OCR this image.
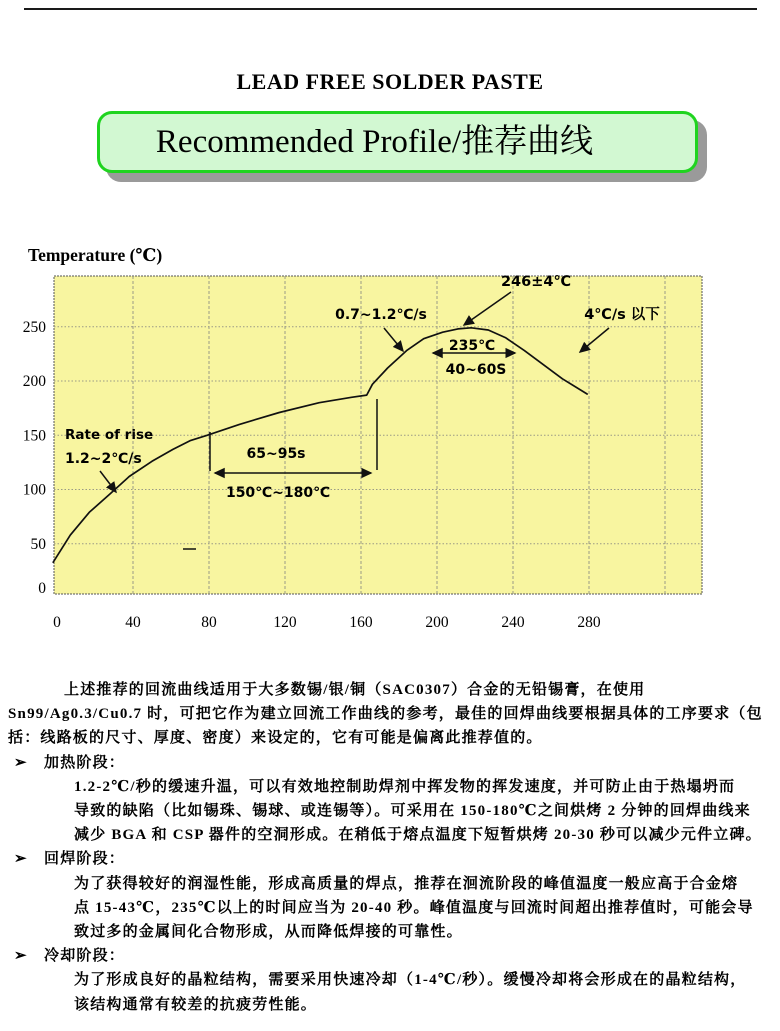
LEAD FREE SOLDER PASTE
Recommended Profile/推荐曲线
Temperature (℃)
0
50
100
150
200
250
0	40	80	120	160	200	240	280
Rate of rise
1.2~2℃/s	65~95s
150℃~180℃
0.7~1.2℃/s
246±4℃
4℃/s 以下
235℃
40~60S
上述推荐的回流曲线适用于大多数锡/银/铜（SAC0307）合金的无铅锡膏，在使用
Sn99/Ag0.3/Cu0.7 时，可把它作为建立回流工作曲线的参考，最佳的回焊曲线要根据具体的工序要求（包
括：线路板的尺寸、厚度、密度）来设定的，它有可能是偏离此推荐值的。
➢ 加热阶段：
1.2-2℃/秒的缓速升温，可以有效地控制助焊剂中挥发物的挥发速度，并可防止由于热塌坍而
导致的缺陷（比如锡珠、锡球、或连锡等）。可采用在 150-180℃之间烘烤 2 分钟的回焊曲线来
减少 BGA 和 CSP 器件的空洞形成。在稍低于熔点温度下短暂烘烤 20-30 秒可以减少元件立碑。
➢ 回焊阶段：
为了获得较好的润湿性能，形成高质量的焊点，推荐在洄流阶段的峰值温度一般应高于合金熔
点 15-43℃，235℃以上的时间应当为 20-40 秒。峰值温度与回流时间超出推荐值时，可能会导
致过多的金属间化合物形成，从而降低焊接的可靠性。
➢ 冷却阶段：
为了形成良好的晶粒结构，需要采用快速冷却（1-4℃/秒）。缓慢冷却将会形成在的晶粒结构，
该结构通常有较差的抗疲劳性能。
